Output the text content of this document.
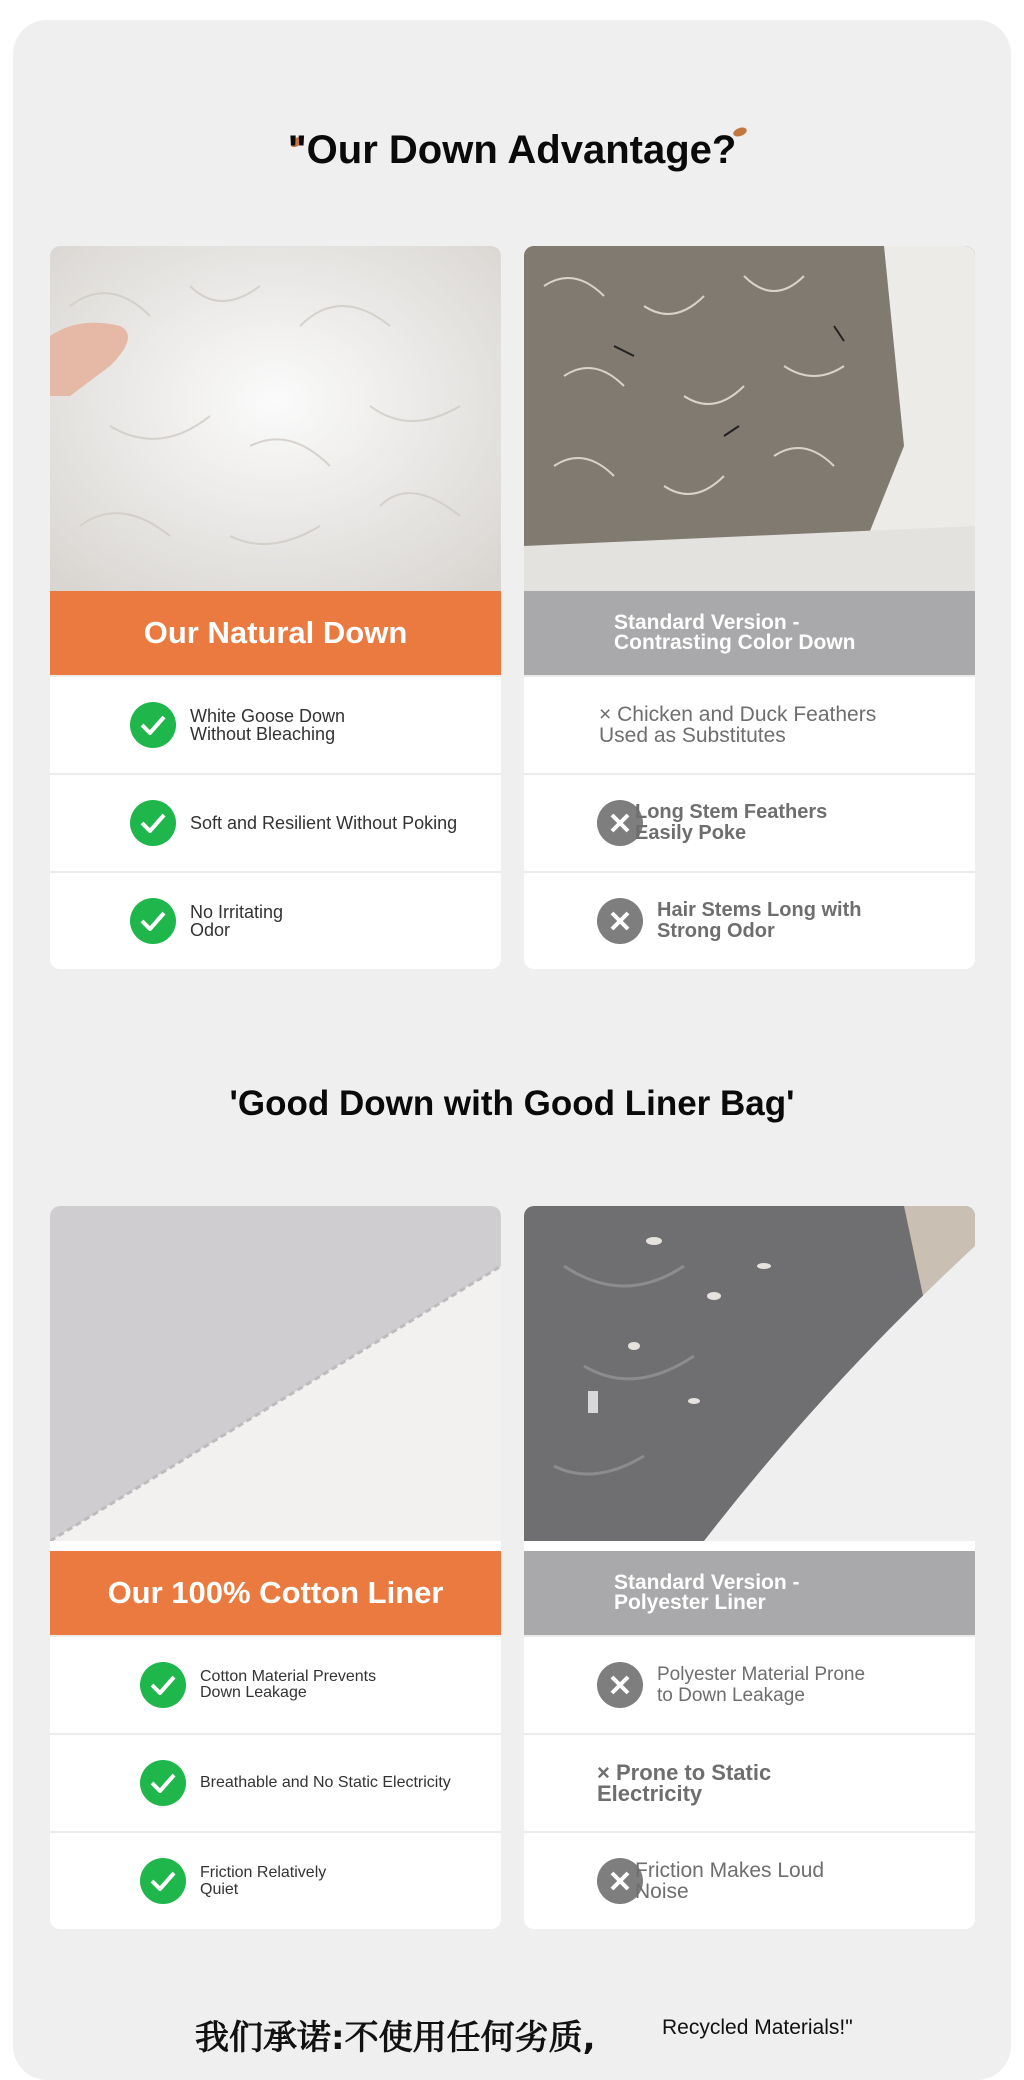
"Our Down Advantage?
Our Natural Down
White Goose Down
Without Bleaching
Soft and Resilient Without Poking
No Irritating
Odor
Standard Version -
Contrasting Color Down
× Chicken and Duck Feathers
Used as Substitutes
Long Stem Feathers
Easily Poke
Hair Stems Long with
Strong Odor
'Good Down with Good Liner Bag'
Our 100% Cotton Liner
Cotton Material Prevents
Down Leakage
Breathable and No Static Electricity
Friction Relatively
Quiet
Standard Version -
Polyester Liner
Polyester Material Prone
to Down Leakage
× Prone to Static
Electricity
Friction Makes Loud
Noise
我们承诺:不使用任何劣质,	Recycled Materials!"
